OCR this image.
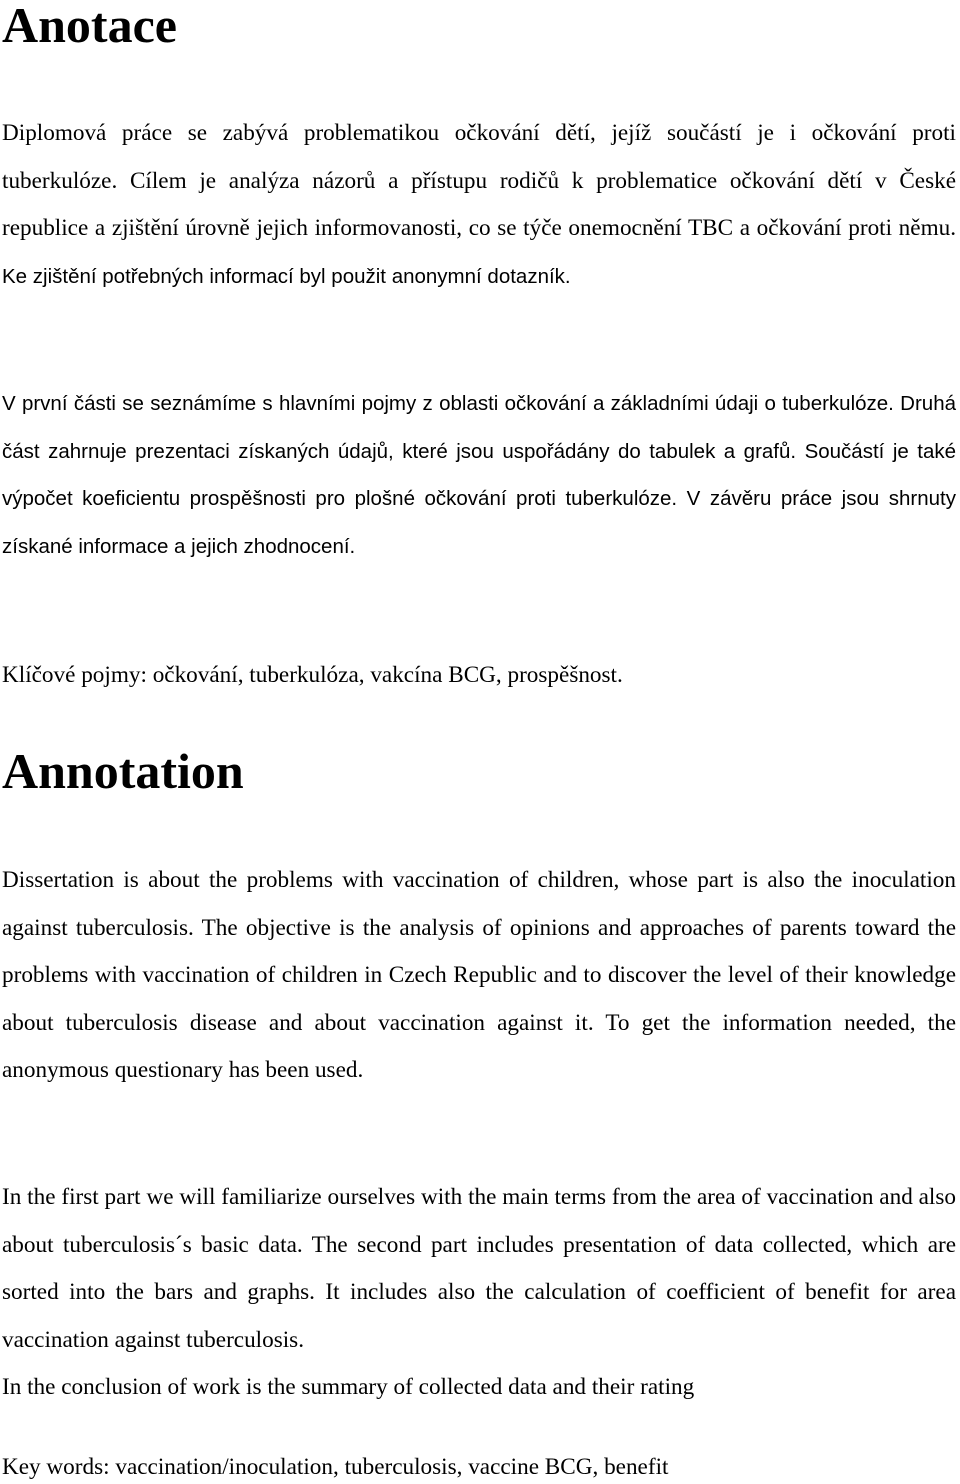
Anotace

Diplomová práce se zabývá problematikou očkování dětí, jejíž součástí je i očkování proti tuberkulóze. Cílem je analýza názorů a přístupu rodičů k problematice očkování dětí v České republice a zjištění úrovně jejich informovanosti, co se týče onemocnění TBC a očkování proti němu. Ke zjištění potřebných informací byl použit anonymní dotazník.

V první části se seznámíme s hlavními pojmy z oblasti očkování a základními údaji o tuberkulóze. Druhá část zahrnuje prezentaci získaných údajů, které jsou uspořádány do tabulek a grafů. Součástí je také výpočet koeficientu prospěšnosti pro plošné očkování proti tuberkulóze. V závěru práce jsou shrnuty získané informace a jejich zhodnocení.

Klíčové pojmy: očkování, tuberkulóza, vakcína BCG, prospěšnost.

Annotation

Dissertation is about the problems with vaccination of children, whose part is also the inoculation against tuberculosis. The objective is the analysis of opinions and approaches of parents toward the problems with vaccination of children in Czech Republic and to discover the level of their knowledge about tuberculosis disease and about vaccination against it. To get the information needed, the anonymous questionary has been used.

In the first part we will familiarize ourselves with the main terms from the area of vaccination and also about tuberculosis´s basic data. The second part includes presentation of data collected, which are sorted into the bars and graphs. It includes also the calculation of coefficient of benefit for area vaccination against tuberculosis.

In the conclusion of work is the summary of collected data and their rating

Key words: vaccination/inoculation, tuberculosis, vaccine BCG, benefit
